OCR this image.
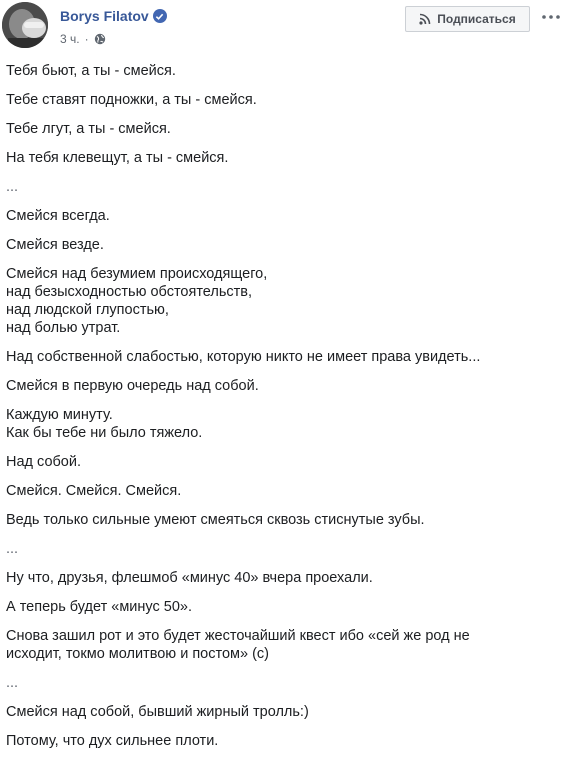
Borys Filatov
3 ч. ·
Подписаться
Тебя бьют, а ты - смейся.
Тебе ставят подножки, а ты - смейся.
Тебе лгут, а ты - смейся.
На тебя клевещут, а ты - смейся.
...
Смейся всегда.
Смейся везде.
Смейся над безумием происходящего,
над безысходностью обстоятельств,
над людской глупостью,
над болью утрат.
Над собственной слабостью, которую никто не имеет права увидеть...
Смейся в первую очередь над собой.
Каждую минуту.
Как бы тебе ни было тяжело.
Над собой.
Смейся. Смейся. Смейся.
Ведь только сильные умеют смеяться сквозь стиснутые зубы.
...
Ну что, друзья, флешмоб «минус 40» вчера проехали.
А теперь будет «минус 50».
Снова зашил рот и это будет жесточайший квест ибо «сей же род не
исходит, токмо молитвою и постом» (с)
...
Смейся над собой, бывший жирный тролль:)
Потому, что дух сильнее плоти.
